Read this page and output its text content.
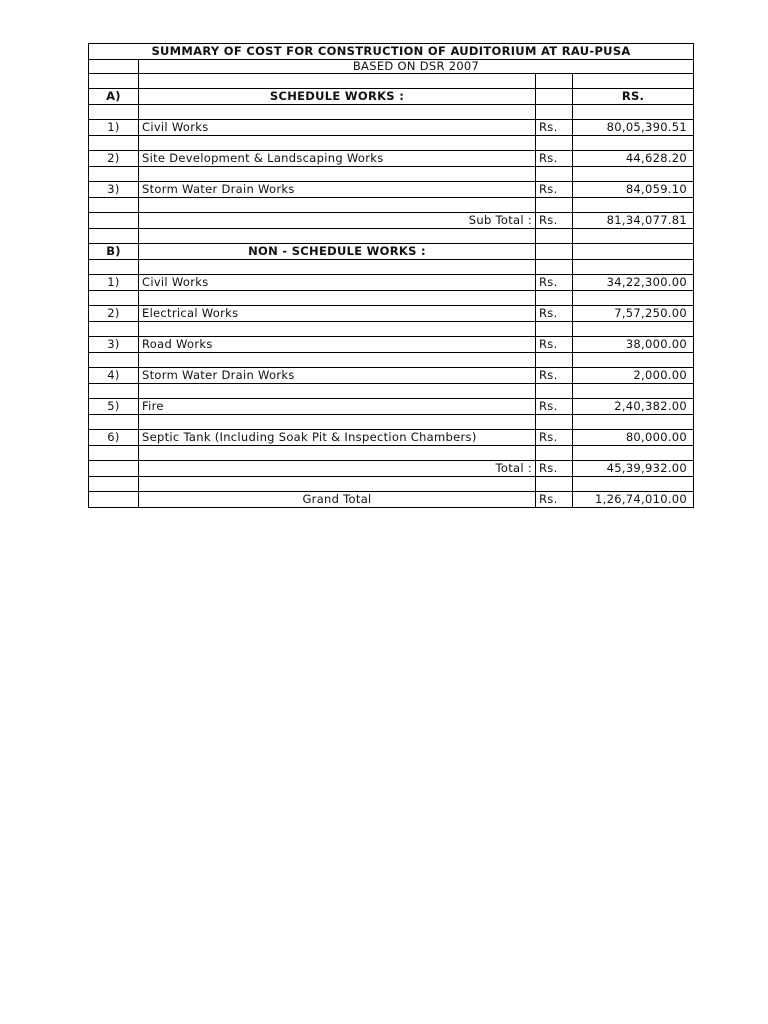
SUMMARY OF COST FOR CONSTRUCTION OF AUDITORIUM AT RAU-PUSA			
	BASED ON DSR 2007		

A)	SCHEDULE WORKS :		RS.

1)	Civil Works	Rs.	80,05,390.51

2)	Site Development & Landscaping Works	Rs.	44,628.20

3)	Storm Water Drain Works	Rs.	84,059.10

	Sub Total :	Rs.	81,34,077.81

B)	NON - SCHEDULE WORKS :		

1)	Civil Works	Rs.	34,22,300.00

2)	Electrical Works	Rs.	7,57,250.00

3)	Road Works	Rs.	38,000.00

4)	Storm Water Drain Works	Rs.	2,000.00

5)	Fire	Rs.	2,40,382.00

6)	Septic Tank (Including Soak Pit & Inspection Chambers)	Rs.	80,000.00

	Total :	Rs.	45,39,932.00

	Grand Total	Rs.	1,26,74,010.00
